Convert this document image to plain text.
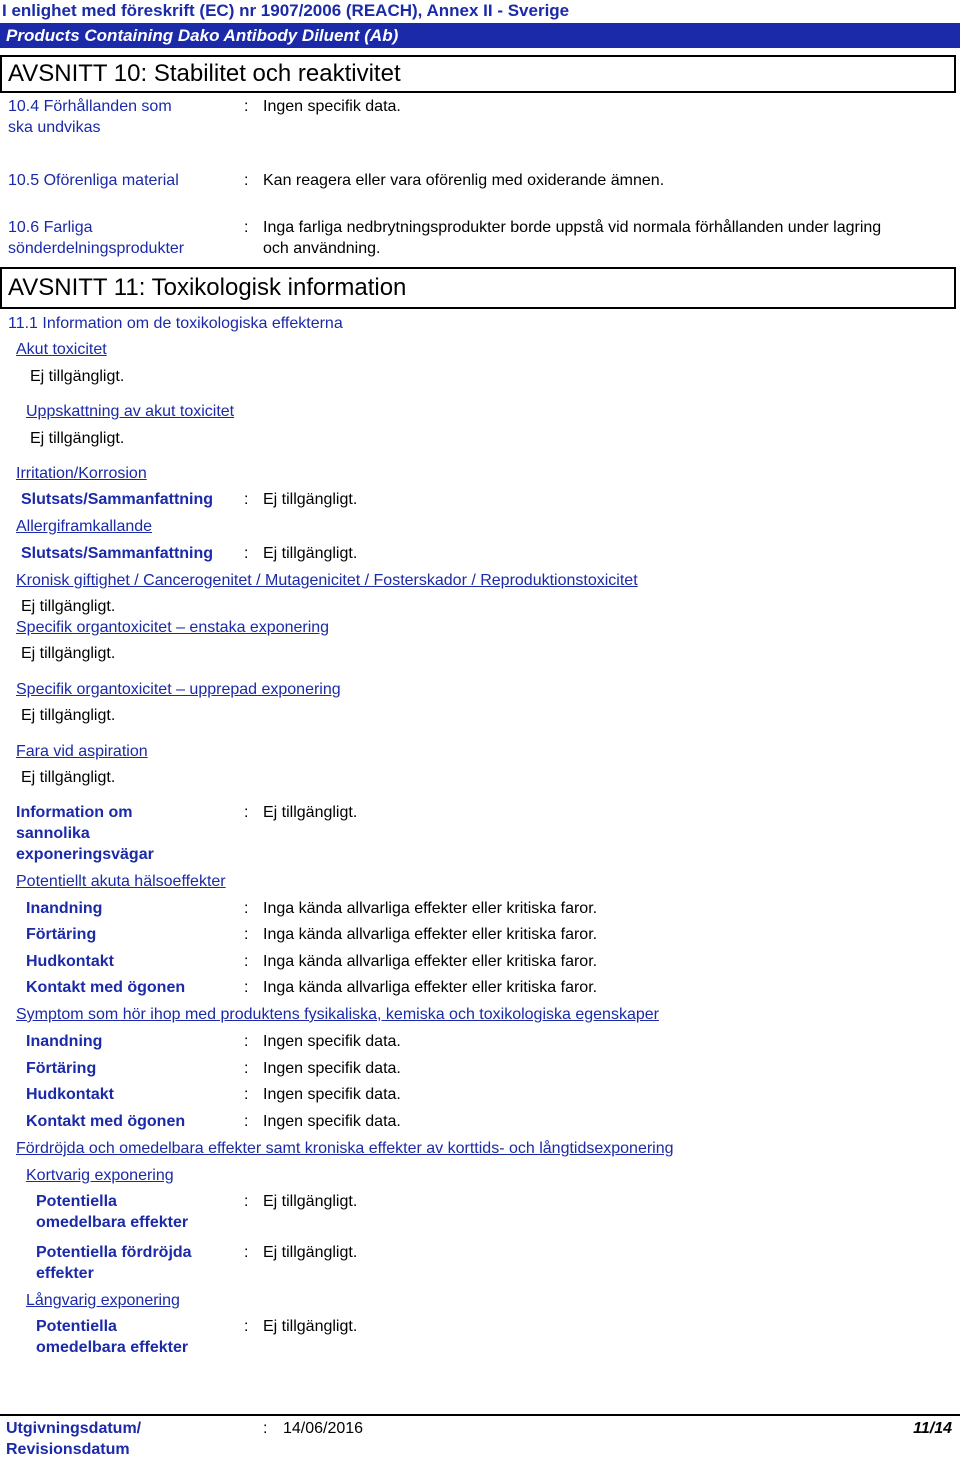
I enlighet med föreskrift (EC) nr 1907/2006 (REACH), Annex II - Sverige
Products Containing Dako Antibody Diluent (Ab)
AVSNITT 10: Stabilitet och reaktivitet
10.4 Förhållanden som
ska undvikas
: Ingen specifik data.
10.5 Oförenliga material	: Kan reagera eller vara oförenlig med oxiderande ämnen.
10.6 Farliga
sönderdelningsprodukter
: Inga farliga nedbrytningsprodukter borde uppstå vid normala förhållanden under lagring
och användning.
AVSNITT 11: Toxikologisk information
11.1 Information om de toxikologiska effekterna
Akut toxicitet
Ej tillgängligt.
Uppskattning av akut toxicitet
Ej tillgängligt.
Irritation/Korrosion
Slutsats/Sammanfattning : Ej tillgängligt.
Allergiframkallande
Slutsats/Sammanfattning : Ej tillgängligt.
Kronisk giftighet / Cancerogenitet / Mutagenicitet / Fosterskador / Reproduktionstoxicitet
Ej tillgängligt.
Specifik organtoxicitet – enstaka exponering
Ej tillgängligt.
Specifik organtoxicitet – upprepad exponering
Ej tillgängligt.
Fara vid aspiration
Ej tillgängligt.
Information om
sannolika
exponeringsvägar
: Ej tillgängligt.
Potentiellt akuta hälsoeffekter
Inandning	: Inga kända allvarliga effekter eller kritiska faror.
Förtäring	: Inga kända allvarliga effekter eller kritiska faror.
Hudkontakt	: Inga kända allvarliga effekter eller kritiska faror.
Kontakt med ögonen	: Inga kända allvarliga effekter eller kritiska faror.
Symptom som hör ihop med produktens fysikaliska, kemiska och toxikologiska egenskaper
Inandning	: Ingen specifik data.
Förtäring	: Ingen specifik data.
Hudkontakt	: Ingen specifik data.
Kontakt med ögonen	: Ingen specifik data.
Fördröjda och omedelbara effekter samt kroniska effekter av korttids- och långtidsexponering
Kortvarig exponering
Potentiella
omedelbara effekter
: Ej tillgängligt.
Potentiella fördröjda
effekter
: Ej tillgängligt.
Långvarig exponering
Potentiella
omedelbara effekter
: Ej tillgängligt.
Utgivningsdatum/
Revisionsdatum
: 14/06/2016	11/14
